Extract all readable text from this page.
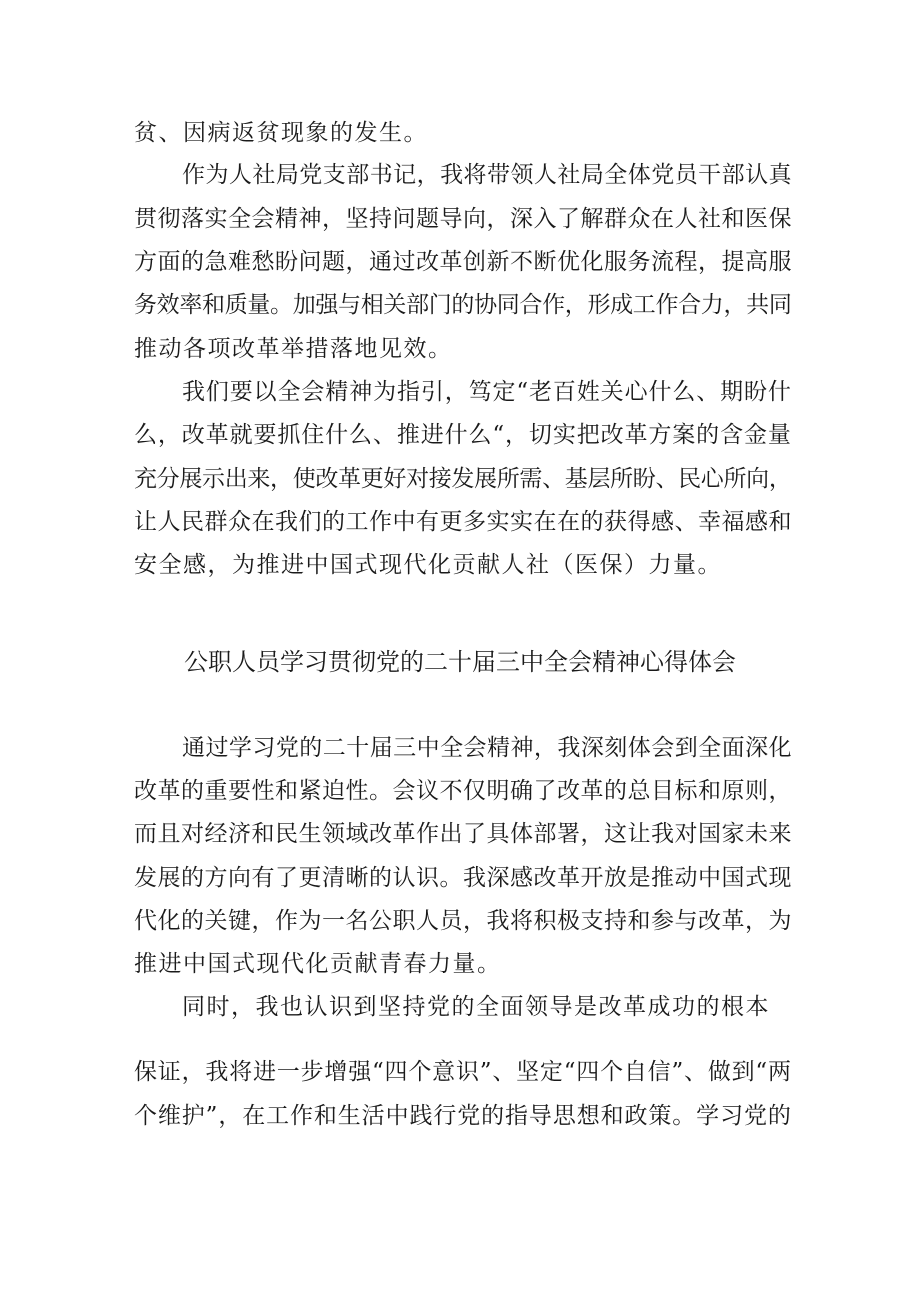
贫、因病返贫现象的发生。
作为人社局党支部书记，我将带领人社局全体党员干部认真
贯彻落实全会精神，坚持问题导向，深入了解群众在人社和医保
方面的急难愁盼问题，通过改革创新不断优化服务流程，提高服
务效率和质量。加强与相关部门的协同合作，形成工作合力，共同
推动各项改革举措落地见效。
我们要以全会精神为指引，笃定“老百姓关心什么、期盼什
么，改革就要抓住什么、推进什么“，切实把改革方案的含金量
充分展示出来，使改革更好对接发展所需、基层所盼、民心所向，
让人民群众在我们的工作中有更多实实在在的获得感、幸福感和
安全感，为推进中国式现代化贡献人社（医保）力量。
公职人员学习贯彻党的二十届三中全会精神心得体会
通过学习党的二十届三中全会精神，我深刻体会到全面深化
改革的重要性和紧迫性。会议不仅明确了改革的总目标和原则，
而且对经济和民生领域改革作出了具体部署，这让我对国家未来
发展的方向有了更清晰的认识。我深感改革开放是推动中国式现
代化的关键，作为一名公职人员，我将积极支持和参与改革，为
推进中国式现代化贡献青春力量。
同时，我也认识到坚持党的全面领导是改革成功的根本
保证，我将进一步增强“四个意识”、坚定“四个自信”、做到“两
个维护”，在工作和生活中践行党的指导思想和政策。学习党的
